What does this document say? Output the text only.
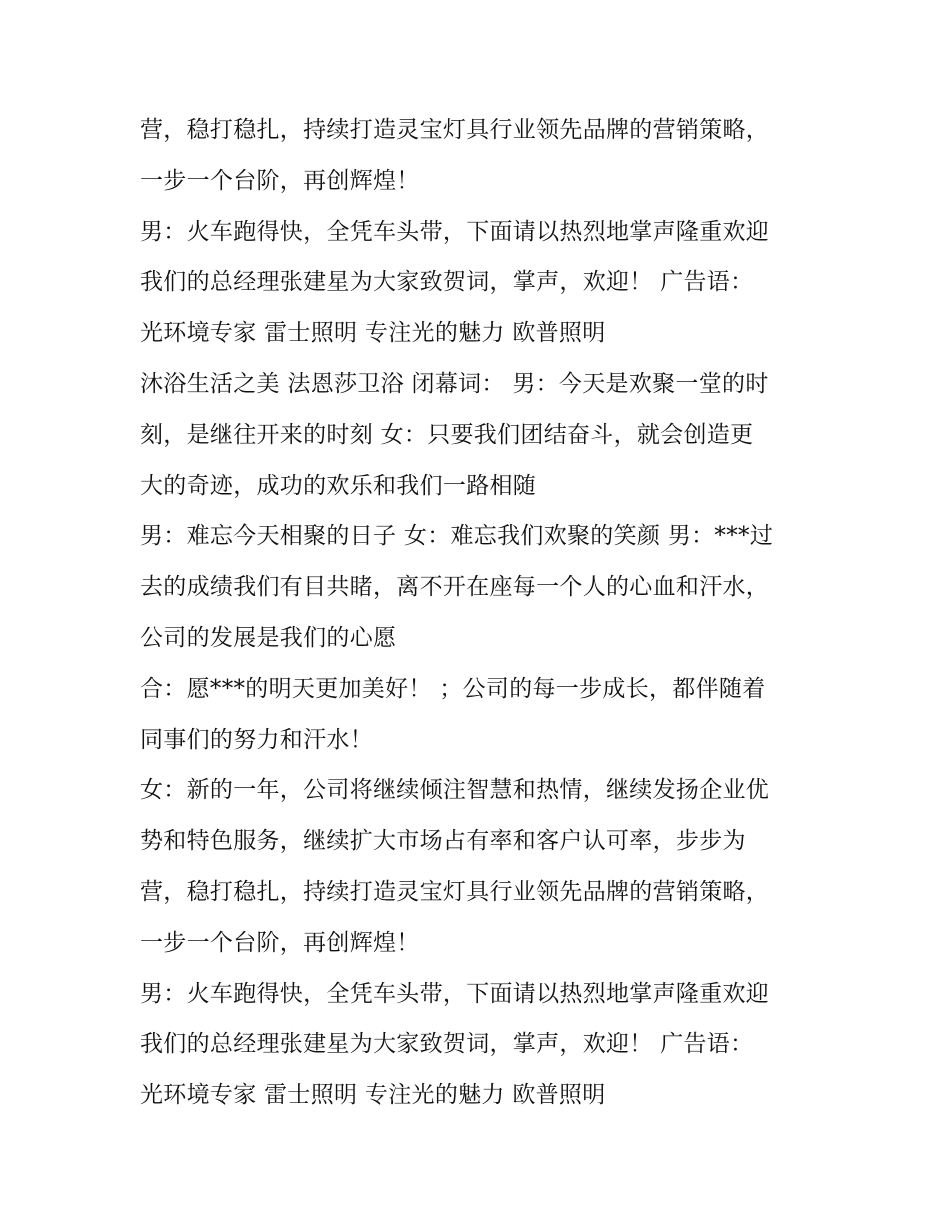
营，稳打稳扎，持续打造灵宝灯具行业领先品牌的营销策略，
一步一个台阶，再创辉煌！
男：火车跑得快，全凭车头带，下面请以热烈地掌声隆重欢迎
我们的总经理张建星为大家致贺词，掌声，欢迎！ 广告语：
光环境专家 雷士照明 专注光的魅力 欧普照明
沐浴生活之美 法恩莎卫浴 闭幕词： 男：今天是欢聚一堂的时
刻，是继往开来的时刻 女：只要我们团结奋斗，就会创造更
大的奇迹，成功的欢乐和我们一路相随
男：难忘今天相聚的日子 女：难忘我们欢聚的笑颜 男：***过
去的成绩我们有目共睹，离不开在座每一个人的心血和汗水，
公司的发展是我们的心愿
合：愿***的明天更加美好！ ；公司的每一步成长，都伴随着
同事们的努力和汗水！
女：新的一年，公司将继续倾注智慧和热情，继续发扬企业优
势和特色服务，继续扩大市场占有率和客户认可率，步步为
营，稳打稳扎，持续打造灵宝灯具行业领先品牌的营销策略，
一步一个台阶，再创辉煌！
男：火车跑得快，全凭车头带，下面请以热烈地掌声隆重欢迎
我们的总经理张建星为大家致贺词，掌声，欢迎！ 广告语：
光环境专家 雷士照明 专注光的魅力 欧普照明
